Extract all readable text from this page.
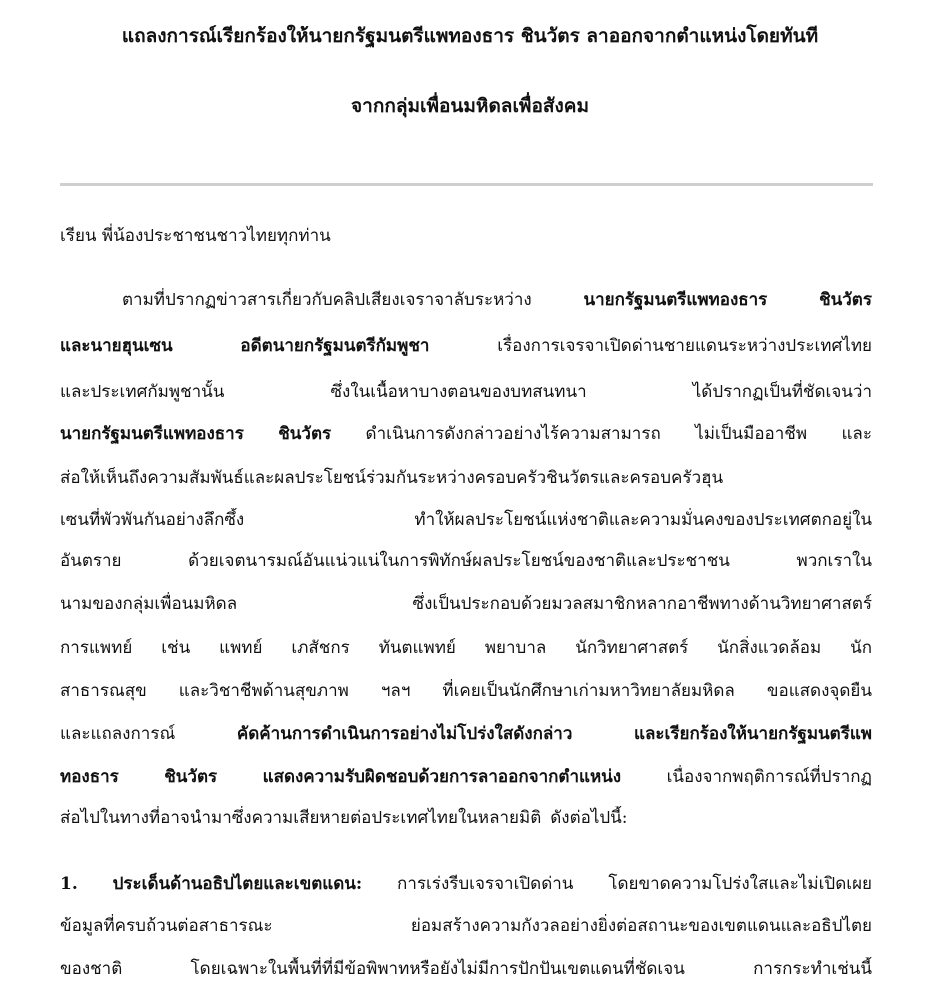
แถลงการณ์เรียกร้องให้นายกรัฐมนตรีแพทองธาร ชินวัตร ลาออกจากตำแหน่งโดยทันที
จากกลุ่มเพื่อนมหิดลเพื่อสังคม

เรียน พี่น้องประชาชนชาวไทยทุกท่าน

ตามที่ปรากฏข่าวสารเกี่ยวกับคลิปเสียงเจราจาลับระหว่าง	นายกรัฐมนตรีแพทองธาร	ชินวัตร

และนายฮุนเซน	อดีตนายกรัฐมนตรีกัมพูชา	เรื่องการเจรจาเปิดด่านชายแดนระหว่างประเทศไทย

และประเทศกัมพูชานั้น	ซึ่งในเนื้อหาบางตอนของบทสนทนา	ได้ปรากฏเป็นที่ชัดเจนว่า

นายกรัฐมนตรีแพทองธาร ชินวัตร ดำเนินการดังกล่าวอย่างไร้ความสามารถ ไม่เป็นมืออาชีพ และ

ส่อให้เห็นถึงความสัมพันธ์และผลประโยชน์ร่วมกันระหว่างครอบครัวชินวัตรและครอบครัวฮุน

เซนที่พัวพันกันอย่างลึกซึ้ง	ทำให้ผลประโยชน์แห่งชาติและความมั่นคงของประเทศตกอยู่ใน

อันตราย	ด้วยเจตนารมณ์อันแน่วแน่ในการพิทักษ์ผลประโยชน์ของชาติและประชาชน	พวกเราใน

นามของกลุ่มเพื่อนมหิดล	ซึ่งเป็นประกอบด้วยมวลสมาชิกหลากอาชีพทางด้านวิทยาศาสตร์

การแพทย์ เช่น แพทย์ เภสัชกร ทันตแพทย์ พยาบาล นักวิทยาศาสตร์ นักสิ่งแวดล้อม นัก

สาธารณสุข และวิชาชีพด้านสุขภาพ ฯลฯ ที่เคยเป็นนักศึกษาเก่ามหาวิทยาลัยมหิดล ขอแสดงจุดยืน

และแถลงการณ์	คัดค้านการดำเนินการอย่างไม่โปร่งใสดังกล่าว	และเรียกร้องให้นายกรัฐมนตรีแพ

ทองธาร	ชินวัตร	แสดงความรับผิดชอบด้วยการลาออกจากตำแหน่ง	เนื่องจากพฤติการณ์ที่ปรากฏ

ส่อไปในทางที่อาจนำมาซึ่งความเสียหายต่อประเทศไทยในหลายมิติ ดังต่อไปนี้:

1. ประเด็นด้านอธิปไตยและเขตแดน: การเร่งรีบเจรจาเปิดด่าน โดยขาดความโปร่งใสและไม่เปิดเผย

ข้อมูลที่ครบถ้วนต่อสาธารณะ	ย่อมสร้างความกังวลอย่างยิ่งต่อสถานะของเขตแดนและอธิปไตย

ของชาติ	โดยเฉพาะในพื้นที่ที่มีข้อพิพาทหรือยังไม่มีการปักปันเขตแดนที่ชัดเจน	การกระทำเช่นนี้
